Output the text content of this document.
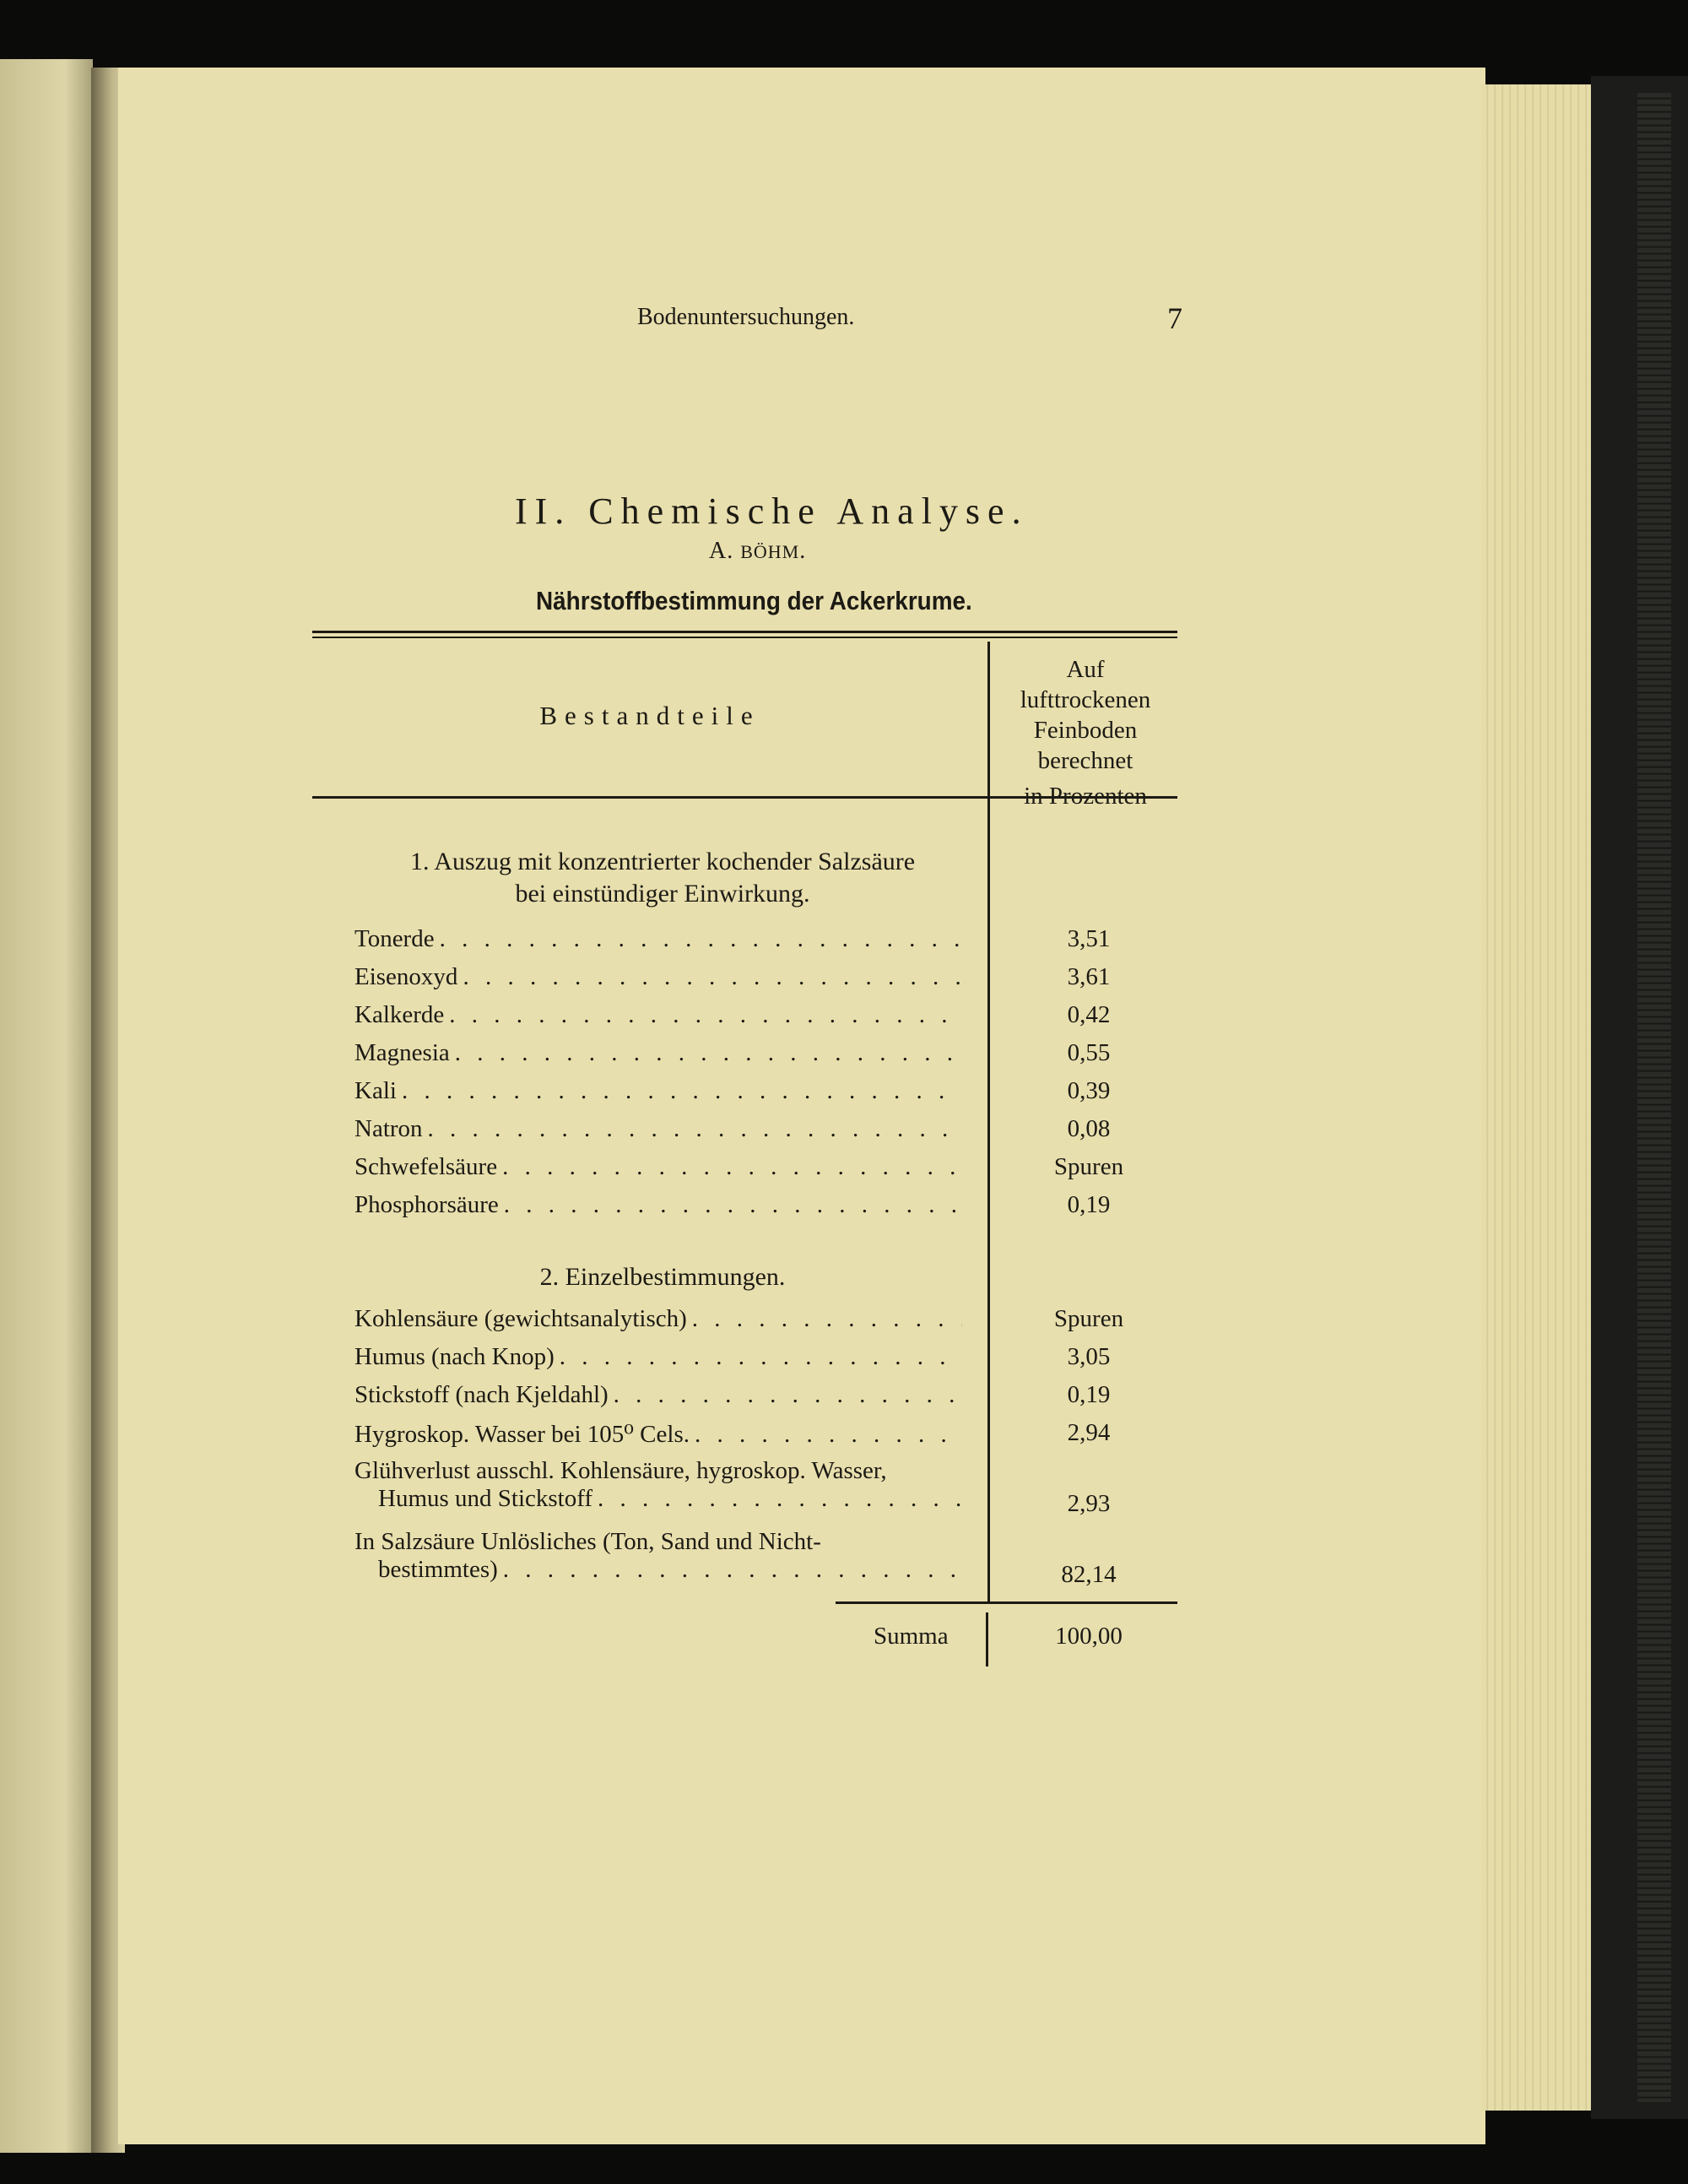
Bodenuntersuchungen.	7
II. Chemische Analyse.
A. BÖHM.
Nährstoffbestimmung der Ackerkrume.
Bestandteile
Auf
lufttrockenen
Feinboden
berechnet
in Prozenten
1. Auszug mit konzentrierter kochender Salzsäure
bei einstündiger Einwirkung.
Tonerde . . .	3,51
Eisenoxyd . . .	3,61
Kalkerde . . .	0,42
Magnesia . . .	0,55
Kali . . .	0,39
Natron . . .	0,08
Schwefelsäure . . .	Spuren
Phosphorsäure . . .	0,19
2. Einzelbestimmungen.
Kohlensäure (gewichtsanalytisch) . . .	Spuren
Humus (nach Knop) . . .	3,05
Stickstoff (nach Kjeldahl) . . .	0,19
Hygroskop. Wasser bei 105⁰ Cels. . . .	2,94
Glühverlust ausschl. Kohlensäure, hygroskop. Wasser,
Humus und Stickstoff . . .	2,93
In Salzsäure Unlösliches (Ton, Sand und Nicht-
bestimmtes) . . .	82,14
Summa	100,00
